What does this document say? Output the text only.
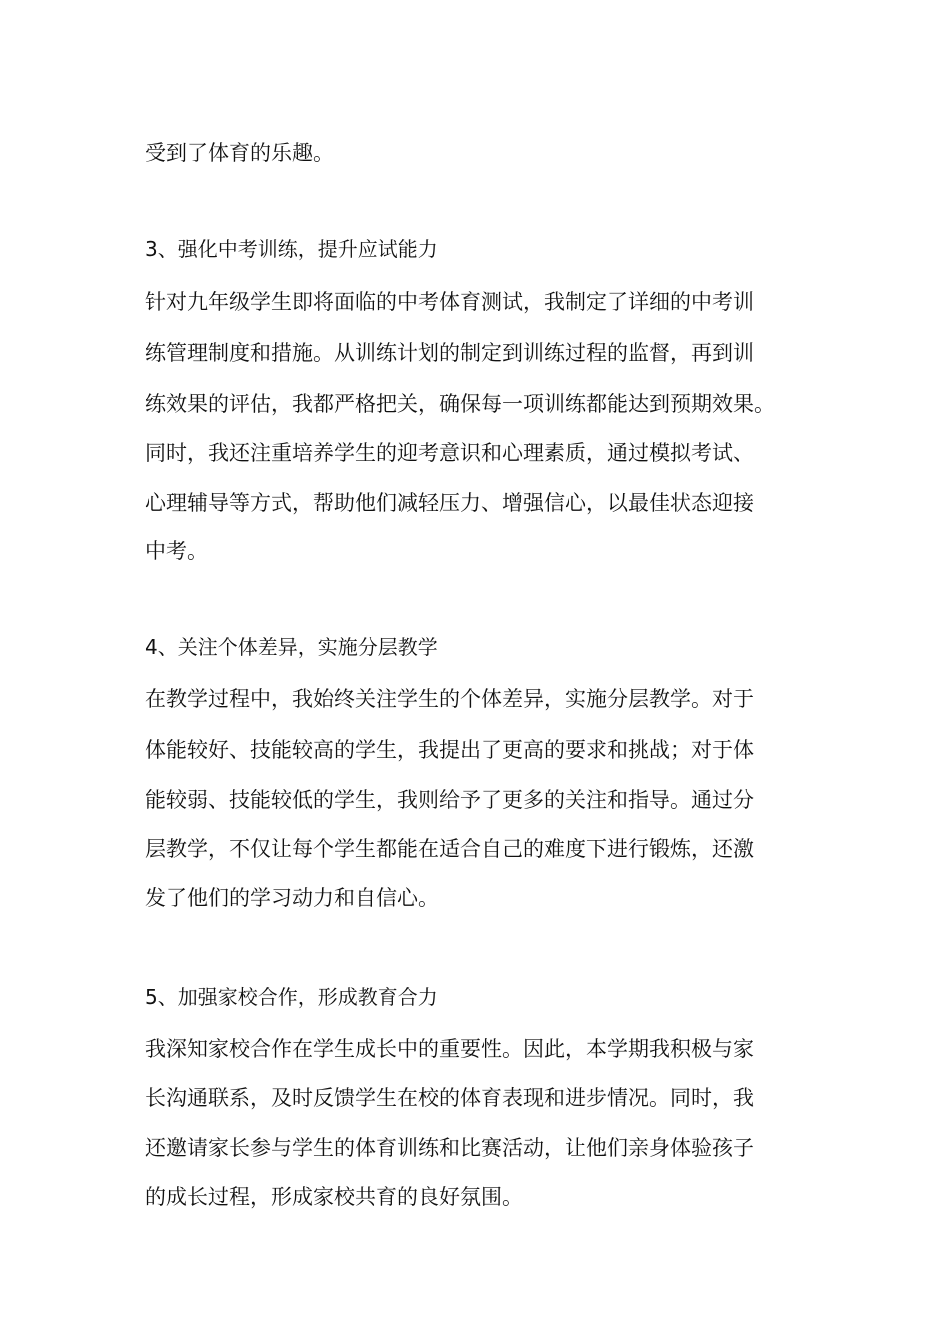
受到了体育的乐趣。

3、强化中考训练，提升应试能力

针对九年级学生即将面临的中考体育测试，我制定了详细的中考训

练管理制度和措施。从训练计划的制定到训练过程的监督，再到训

练效果的评估，我都严格把关，确保每一项训练都能达到预期效果。

同时，我还注重培养学生的迎考意识和心理素质，通过模拟考试、

心理辅导等方式，帮助他们减轻压力、增强信心，以最佳状态迎接

中考。

4、关注个体差异，实施分层教学

在教学过程中，我始终关注学生的个体差异，实施分层教学。对于

体能较好、技能较高的学生，我提出了更高的要求和挑战；对于体

能较弱、技能较低的学生，我则给予了更多的关注和指导。通过分

层教学，不仅让每个学生都能在适合自己的难度下进行锻炼，还激

发了他们的学习动力和自信心。

5、加强家校合作，形成教育合力

我深知家校合作在学生成长中的重要性。因此，本学期我积极与家

长沟通联系，及时反馈学生在校的体育表现和进步情况。同时，我

还邀请家长参与学生的体育训练和比赛活动，让他们亲身体验孩子

的成长过程，形成家校共育的良好氛围。
